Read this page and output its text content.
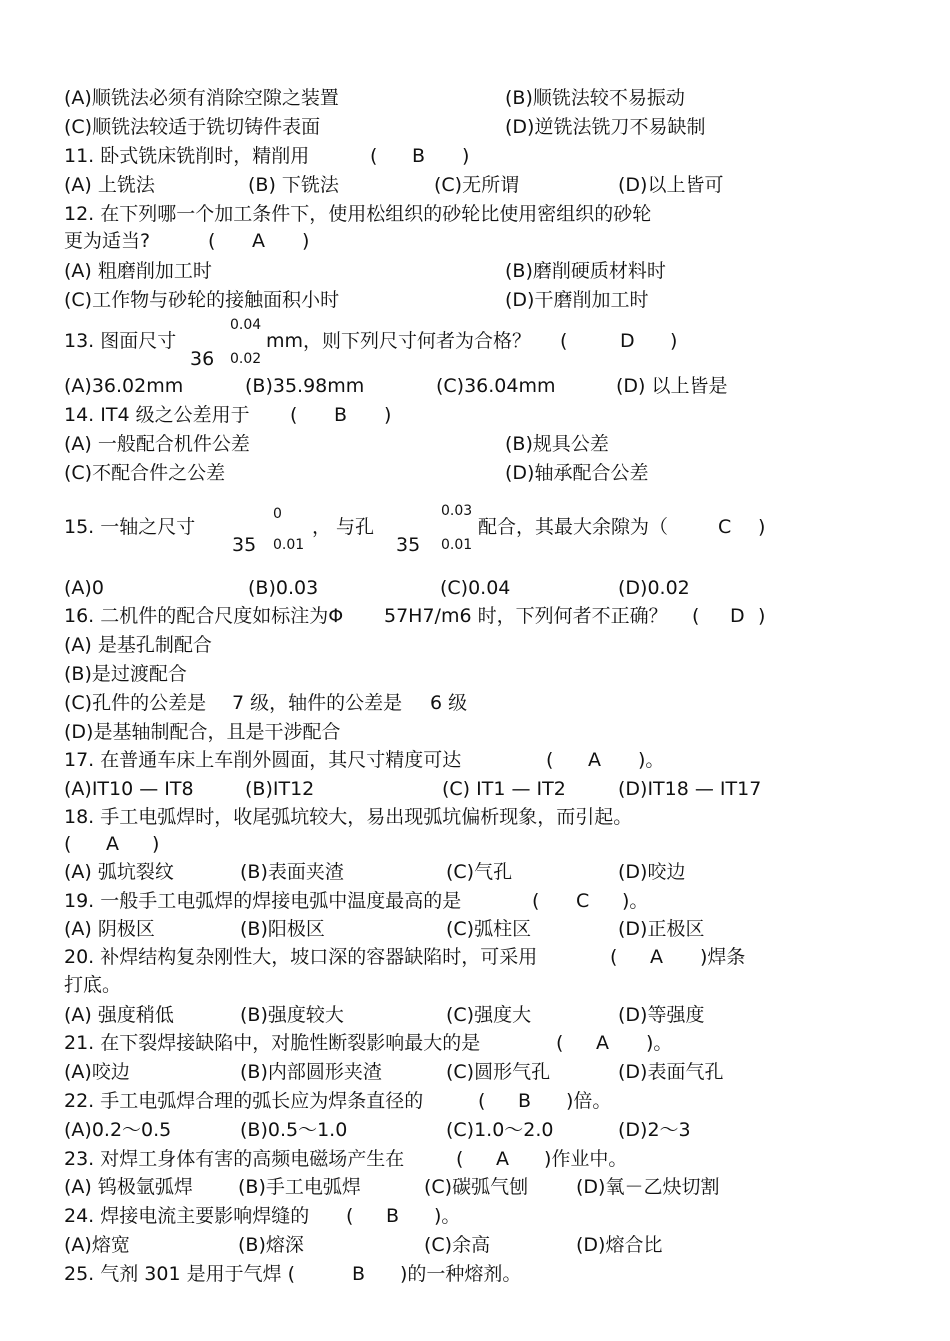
(A)顺铣法必须有消除空隙之装置	(B)顺铣法较不易振动
(C)顺铣法较适于铣切铸件表面	(D)逆铣法铣刀不易缺制
11. 卧式铣床铣削时，精削用	( B )
(A) 上铣法	(B) 下铣法	(C)无所谓	(D)以上皆可
12. 在下列哪一个加工条件下，使用松组织的砂轮比使用密组织的砂轮
更为适当?	( A )
(A) 粗磨削加工时	(B)磨削硬质材料时
(C)工作物与砂轮的接触面积小时	(D)干磨削加工时
13. 图面尺寸
0.04
36 0.02
mm，则下列尺寸何者为合格？ (	D )
(A)36.02mm	(B)35.98mm	(C)36.04mm	(D) 以上皆是
14. IT4 级之公差用于 ( B )
(A) 一般配合机件公差	(B)规具公差
(C)不配合件之公差	(D)轴承配合公差
15. 一轴之尺寸
0
35 0.01
， 与孔
0.03
35 0.01
配合，其最大余隙为（	C )
(A)0	(B)0.03	(C)0.04	(D)0.02
16. 二机件的配合尺度如标注为Φ 57H7/m6 时，下列何者不正确？ ( D )
(A) 是基孔制配合
(B)是过渡配合
(C)孔件的公差是 7 级，轴件的公差是 6 级
(D)是基轴制配合，且是干涉配合
17. 在普通车床上车削外圆面，其尺寸精度可达	( A )。
(A)IT10 — IT8	(B)IT12	(C) IT1 — IT2	(D)IT18 — IT17
18. 手工电弧焊时，收尾弧坑较大，易出现弧坑偏析现象，而引起。
( A )
(A) 弧坑裂纹	(B)表面夹渣	(C)气孔	(D)咬边
19. 一般手工电弧焊的焊接电弧中温度最高的是	( C )。
(A) 阴极区	(B)阳极区	(C)弧柱区	(D)正极区
20. 补焊结构复杂刚性大，坡口深的容器缺陷时，可采用	( A )焊条
打底。
(A) 强度稍低	(B)强度较大	(C)强度大	(D)等强度
21. 在下裂焊接缺陷中，对脆性断裂影响最大的是	( A )。
(A)咬边	(B)内部圆形夹渣	(C)圆形气孔	(D)表面气孔
22. 手工电弧焊合理的弧长应为焊条直径的	( B )倍。
(A)0.2～0.5	(B)0.5～1.0	(C)1.0～2.0	(D)2～3
23. 对焊工身体有害的高频电磁场产生在	( A )作业中。
(A) 钨极氩弧焊 (B)手工电弧焊	(C)碳弧气刨	(D)氧－乙炔切割
24. 焊接电流主要影响焊缝的 ( B )。
(A)熔宽	(B)熔深	(C)余高	(D)熔合比
25. 气剂 301 是用于气焊 (	B )的一种熔剂。
